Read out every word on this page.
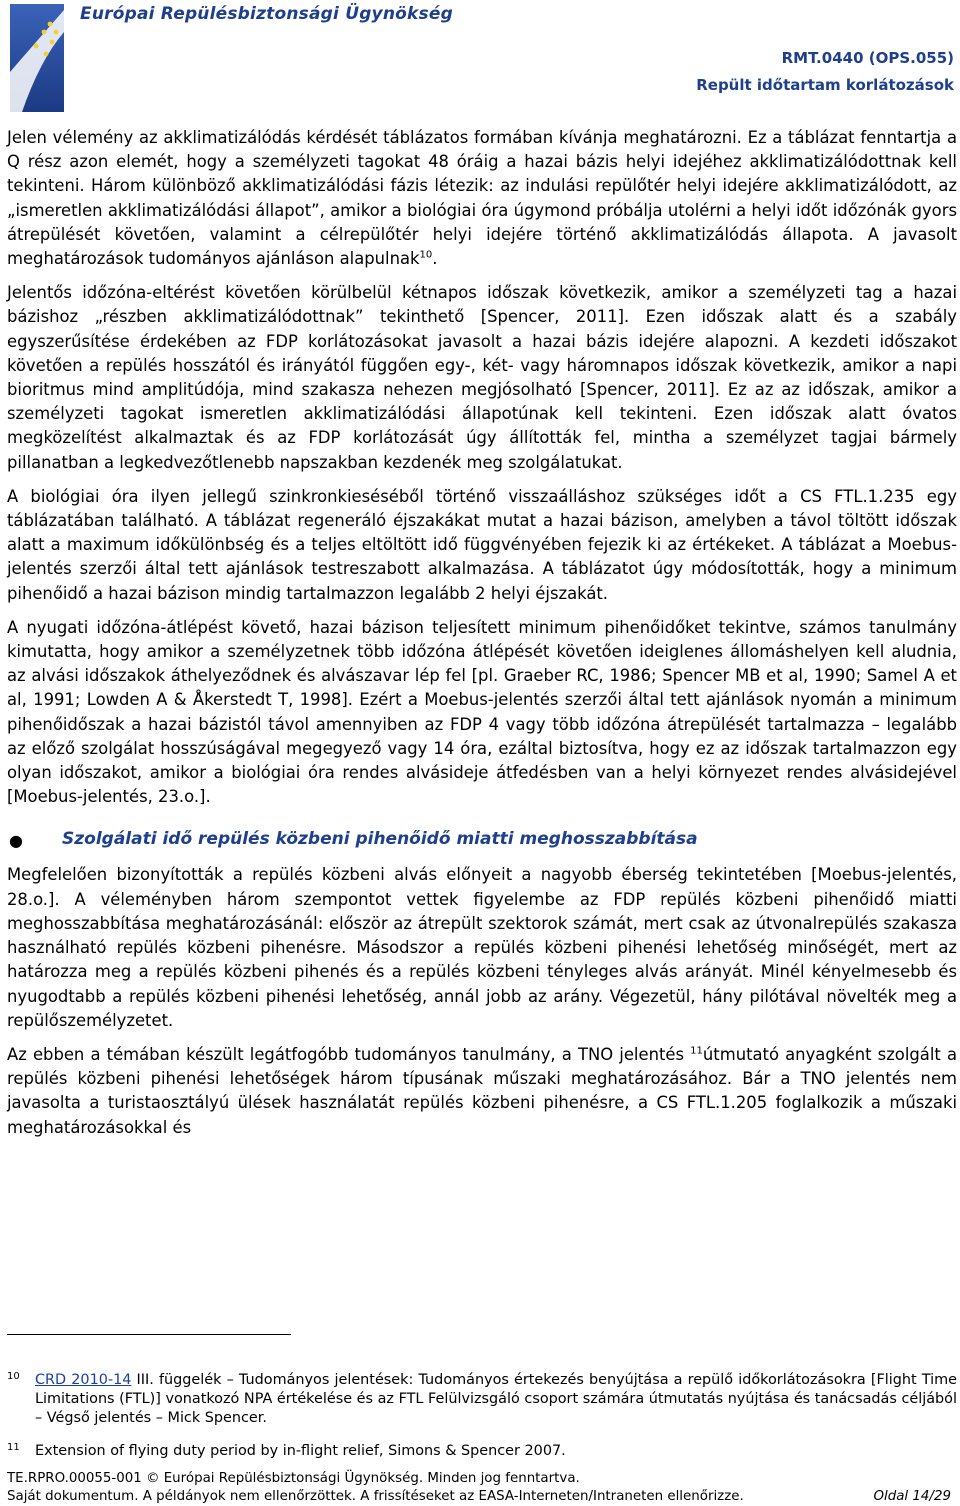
Európai Repülésbiztonsági Ügynökség
RMT.0440 (OPS.055)
Repült időtartam korlátozások

Jelen vélemény az akklimatizálódás kérdését táblázatos formában kívánja meghatározni. Ez a táblázat fenntartja a Q rész azon elemét, hogy a személyzeti tagokat 48 óráig a hazai bázis helyi idejéhez akklimatizálódottnak kell tekinteni. Három különböző akklimatizálódási fázis létezik: az indulási repülőtér helyi idejére akklimatizálódott, az „ismeretlen akklimatizálódási állapot”, amikor a biológiai óra úgymond próbálja utolérni a helyi időt időzónák gyors átrepülését követően, valamint a célrepülőtér helyi idejére történő akklimatizálódás állapota. A javasolt meghatározások tudományos ajánláson alapulnak$^{10}$.

Jelentős időzóna-eltérést követően körülbelül kétnapos időszak következik, amikor a személyzeti tag a hazai bázishoz „részben akklimatizálódottnak” tekinthető [Spencer, 2011]. Ezen időszak alatt és a szabály egyszerűsítése érdekében az FDP korlátozásokat javasolt a hazai bázis idejére alapozni. A kezdeti időszakot követően a repülés hosszától és irányától függően egy-, két- vagy háromnapos időszak következik, amikor a napi bioritmus mind amplitúdója, mind szakasza nehezen megjósolható [Spencer, 2011]. Ez az az időszak, amikor a személyzeti tagokat ismeretlen akklimatizálódási állapotúnak kell tekinteni. Ezen időszak alatt óvatos megközelítést alkalmaztak és az FDP korlátozását úgy állították fel, mintha a személyzet tagjai bármely pillanatban a legkedvezőtlenebb napszakban kezdenék meg szolgálatukat.

A biológiai óra ilyen jellegű szinkronkieséséből történő visszaálláshoz szükséges időt a CS FTL.1.235 egy táblázatában található. A táblázat regeneráló éjszakákat mutat a hazai bázison, amelyben a távol töltött időszak alatt a maximum időkülönbség és a teljes eltöltött idő függvényében fejezik ki az értékeket. A táblázat a Moebus-jelentés szerzői által tett ajánlások testreszabott alkalmazása. A táblázatot úgy módosították, hogy a minimum pihenőidő a hazai bázison mindig tartalmazzon legalább 2 helyi éjszakát.

A nyugati időzóna-átlépést követő, hazai bázison teljesített minimum pihenőidőket tekintve, számos tanulmány kimutatta, hogy amikor a személyzetnek több időzóna átlépését követően ideiglenes állomáshelyen kell aludnia, az alvási időszakok áthelyeződnek és alvászavar lép fel [pl. Graeber RC, 1986; Spencer MB et al, 1990; Samel A et al, 1991; Lowden A & Åkerstedt T, 1998]. Ezért a Moebus-jelentés szerzői által tett ajánlások nyomán a minimum pihenőidőszak a hazai bázistól távol amennyiben az FDP 4 vagy több időzóna átrepülését tartalmazza – legalább az előző szolgálat hosszúságával megegyező vagy 14 óra, ezáltal biztosítva, hogy ez az időszak tartalmazzon egy olyan időszakot, amikor a biológiai óra rendes alvásideje átfedésben van a helyi környezet rendes alvásidejével [Moebus-jelentés, 23.o.].

● Szolgálati idő repülés közbeni pihenőidő miatti meghosszabbítása

Megfelelően bizonyították a repülés közbeni alvás előnyeit a nagyobb éberség tekintetében [Moebus-jelentés, 28.o.]. A véleményben három szempontot vettek figyelembe az FDP repülés közbeni pihenőidő miatti meghosszabbítása meghatározásánál: először az átrepült szektorok számát, mert csak az útvonalrepülés szakasza használható repülés közbeni pihenésre. Másodszor a repülés közbeni pihenési lehetőség minőségét, mert az határozza meg a repülés közbeni pihenés és a repülés közbeni tényleges alvás arányát. Minél kényelmesebb és nyugodtabb a repülés közbeni pihenési lehetőség, annál jobb az arány. Végezetül, hány pilótával növelték meg a repülőszemélyzetet.

Az ebben a témában készült legátfogóbb tudományos tanulmány, a TNO jelentés $^{11}$útmutató anyagként szolgált a repülés közbeni pihenési lehetőségek három típusának műszaki meghatározásához. Bár a TNO jelentés nem javasolta a turistaosztályú ülések használatát repülés közbeni pihenésre, a CS FTL.1.205 foglalkozik a műszaki meghatározásokkal és

10 CRD 2010-14 III. függelék – Tudományos jelentések: Tudományos értekezés benyújtása a repülő időkorlátozásokra [Flight Time Limitations (FTL)] vonatkozó NPA értékelése és az FTL Felülvizsgáló csoport számára útmutatás nyújtása és tanácsadás céljából – Végső jelentés – Mick Spencer.
11 Extension of flying duty period by in-flight relief, Simons & Spencer 2007.
TE.RPRO.00055-001 © Európai Repülésbiztonsági Ügynökség. Minden jog fenntartva.
Saját dokumentum. A példányok nem ellenőrzöttek. A frissítéseket az EASA-Interneten/Intraneten ellenőrizze.	Oldal 14/29
